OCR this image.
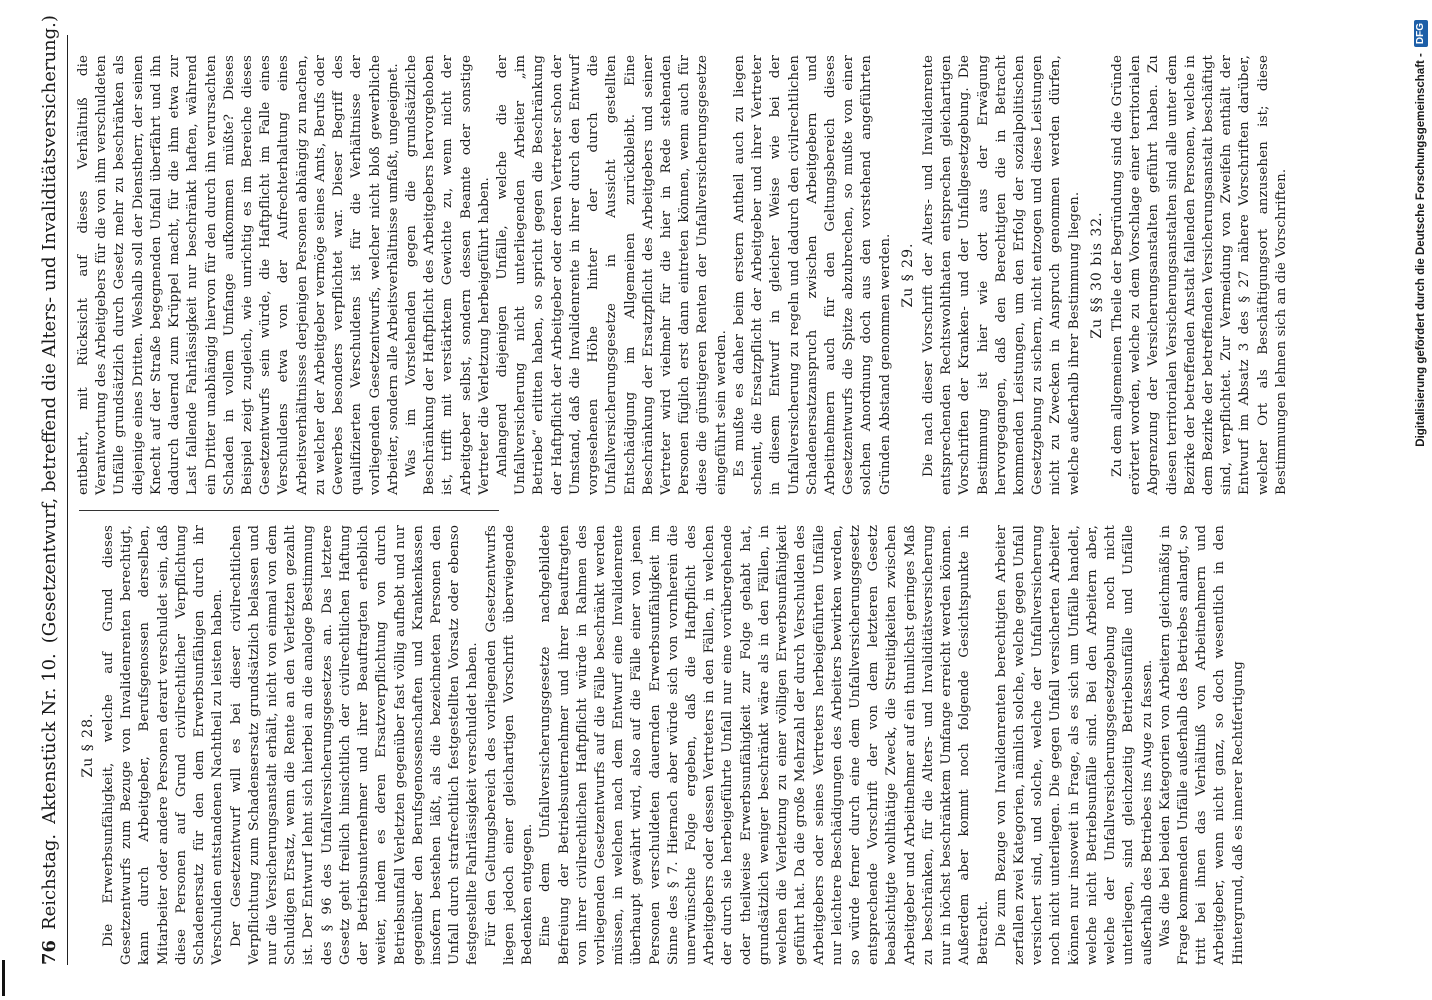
76
Reichstag.
Aktenstück Nr. 10.
(Gesetzentwurf, betreffend die Alters- und Invaliditätsversicherung.)
Zu § 28. Die Erwerbsunfähigkeit, welche auf Grund dieses Gesetzentwurfs zum Bezuge von Invalidenrenten berechtigt, kann durch Arbeitgeber, Berufsgenossen derselben, Mitarbeiter oder andere Personen derart verschuldet sein, daß diese Personen auf Grund civilrechtlicher Verpflichtung Schadenersatz für den dem Erwerbsunfähigen durch ihr Verschulden entstandenen Nachtheil zu leisten haben. Der Gesetzentwurf will es bei dieser civilrechtlichen Verpflichtung zum Schadensersatz grundsätzlich belassen und nur die Versicherungsanstalt erhält, nicht von einmal von dem Schuldigen Ersatz, wenn die Rente an den Verletzten gezahlt ist. Der Entwurf lehnt sich hierbei an die analoge Bestimmung des § 96 des Unfallversicherungsgesetzes an. Das letztere Gesetz geht freilich hinsichtlich der civilrechtlichen Haftung der Betriebsunternehmer und ihrer Beauftragten erheblich weiter, indem es deren Ersatzverpflichtung von durch Betriebsunfall Verletzten gegenüber fast völlig aufhebt und nur gegenüber den Berufsgenossenschaften und Krankenkassen insofern bestehen läßt, als die bezeichneten Personen den Unfall durch strafrechtlich festgestellten Vorsatz oder ebenso festgestellte Fahrlässigkeit verschuldet haben. Für den Geltungsbereich des vorliegenden Gesetzentwurfs liegen jedoch einer gleichartigen Vorschrift überwiegende Bedenken entgegen. Eine dem Unfallversicherungsgesetze nachgebildete Befreiung der Betriebsunternehmer und ihrer Beauftragten von ihrer civilrechtlichen Haftpflicht würde in Rahmen des vorliegenden Gesetzentwurfs auf die Fälle beschränkt werden müssen, in welchen nach dem Entwurf eine Invalidenrente überhaupt gewährt wird, also auf die Fälle einer von jenen Personen verschuldeten dauernden Erwerbsunfähigkeit im Sinne des § 7. Hiernach aber würde sich von vornherein die unerwünschte Folge ergeben, daß die Haftpflicht des Arbeitgebers oder dessen Vertreters in den Fällen, in welchen der durch sie herbeigeführte Unfall nur eine vorübergehende oder theilweise Erwerbsunfähigkeit zur Folge gehabt hat, grundsätzlich weniger beschränkt wäre als in den Fällen, in welchen die Verletzung zu einer völligen Erwerbsunfähigkeit geführt hat. Da die große Mehrzahl der durch Verschulden des Arbeitgebers oder seines Vertreters herbeigeführten Unfälle nur leichtere Beschädigungen des Arbeiters bewirken werden, so würde ferner durch eine dem Unfallversicherungsgesetz entsprechende Vorschrift der von dem letzteren Gesetz beabsichtigte wohlthätige Zweck, die Streitigkeiten zwischen Arbeitgeber und Arbeitnehmer auf ein thunlichst geringes Maß zu beschränken, für die Alters- und Invaliditätsversicherung nur in höchst beschränktem Umfange erreicht werden können. Außerdem aber kommt noch folgende Gesichtspunkte in Betracht. Die zum Bezuge von Invalidenrenten berechtigten Arbeiter zerfallen zwei Kategorien, nämlich solche, welche gegen Unfall versichert sind, und solche, welche der Unfallversicherung noch nicht unterliegen. Die gegen Unfall versicherten Arbeiter können nur insoweit in Frage, als es sich um Unfälle handelt, welche nicht Betriebsunfälle sind. Bei den Arbeitern aber, welche der Unfallversicherungsgesetzgebung noch nicht unterliegen, sind gleichzeitig Betriebsunfälle und Unfälle außerhalb des Betriebes ins Auge zu fassen. Was die bei beiden Kategorien von Arbeitern gleichmäßig in Frage kommenden Unfälle außerhalb des Betriebes anlangt, so tritt bei ihnen das Verhältniß von Arbeitnehmern und Arbeitgeber, wenn nicht ganz, so doch wesentlich in den Hintergrund, daß es innerer Rechtfertigung

entbehrt, mit Rücksicht auf dieses Verhältniß die Verantwortung des Arbeitgebers für die von ihm verschuldeten Unfälle grundsätzlich durch Gesetz mehr zu beschränken als diejenige eines Dritten. Weshalb soll der Dienstherr, der seinen Knecht auf der Straße begegnenden Unfall überfährt und ihn dadurch dauernd zum Krüppel macht, für die ihm etwa zur Last fallende Fahrlässigkeit nur beschränkt haften, während ein Dritter unabhängig hiervon für den durch ihn verursachten Schaden in vollem Umfange aufkommen müßte? Dieses Beispiel zeigt zugleich, wie unrichtig es im Bereiche dieses Gesetzentwurfs sein würde, die Haftpflicht im Falle eines Verschuldens etwa von der Aufrechterhaltung eines Arbeitsverhältnisses derjenigen Personen abhängig zu machen, zu welcher der Arbeitgeber vermöge seines Amts, Berufs oder Gewerbes besonders verpflichtet war. Dieser Begriff des qualifizierten Verschuldens ist für die Verhältnisse der vorliegenden Gesetzentwurfs, welcher nicht bloß gewerbliche Arbeiter, sondern alle Arbeitsverhältnisse umfaßt, ungeeignet. Was im Vorstehenden gegen die grundsätzliche Beschränkung der Haftpflicht des Arbeitgebers hervorgehoben ist, trifft mit verstärktem Gewichte zu, wenn nicht der Arbeitgeber selbst, sondern dessen Beamte oder sonstige Vertreter die Verletzung herbeigeführt haben. Anlangend diejenigen Unfälle, welche die der Unfallversicherung nicht unterliegenden Arbeiter „im Betriebe“ erlitten haben, so spricht gegen die Beschränkung der Haftpflicht der Arbeitgeber oder deren Vertreter schon der Umstand, daß die Invalidenrente in ihrer durch den Entwurf vorgesehenen Höhe hinter der durch die Unfallversicherungsgesetze in Aussicht gestellten Entschädigung im Allgemeinen zurückbleibt. Eine Beschränkung der Ersatzpflicht des Arbeitgebers und seiner Vertreter wird vielmehr für die hier in Rede stehenden Personen füglich erst dann eintreten können, wenn auch für diese die günstigeren Renten der Unfallversicherungsgesetze eingeführt sein werden. Es mußte es daher beim erstern Antheil auch zu liegen scheint, die Ersatzpflicht der Arbeitgeber und ihrer Vertreter in diesem Entwurf in gleicher Weise wie bei der Unfallversicherung zu regeln und dadurch den civilrechtlichen Schadenersatzanspruch zwischen Arbeitgebern und Arbeitnehmern auch für den Geltungsbereich dieses Gesetzentwurfs die Spitze abzubrechen, so mußte von einer solchen Anordnung doch aus den vorstehend angeführten Gründen Abstand genommen werden. Zu § 29. Die nach dieser Vorschrift der Alters- und Invalidenrente entsprechenden Rechtswohlthaten entsprechen gleichartigen Vorschriften der Kranken- und der Unfallgesetzgebung. Die Bestimmung ist hier wie dort aus der Erwägung hervorgegangen, daß den Berechtigten die in Betracht kommenden Leistungen, um den Erfolg der sozialpolitischen Gesetzgebung zu sichern, nicht entzogen und diese Leistungen nicht zu Zwecken in Anspruch genommen werden dürfen, welche außerhalb ihrer Bestimmung liegen. Zu §§ 30 bis 32. Zu dem allgemeinen Theile der Begründung sind die Gründe erörtert worden, welche zu dem Vorschlage einer territorialen Abgrenzung der Versicherungsanstalten geführt haben. Zu diesen territorialen Versicherungsanstalten sind alle unter dem Bezirke der betreffenden Anstalt fallenden Personen, welche in dem Bezirke der betreffenden Versicherungsanstalt beschäftigt sind, verpflichtet. Zur Vermeidung von Zweifeln enthält der Entwurf im Absatz 3 des § 27 nähere Vorschriften darüber, welcher Ort als Beschäftigungsort anzusehen ist; diese Bestimmungen lehnen sich an die Vorschriften.	Digitalisierung gefördert durch die Deutsche Forschungsgemeinschaft -
DFG
